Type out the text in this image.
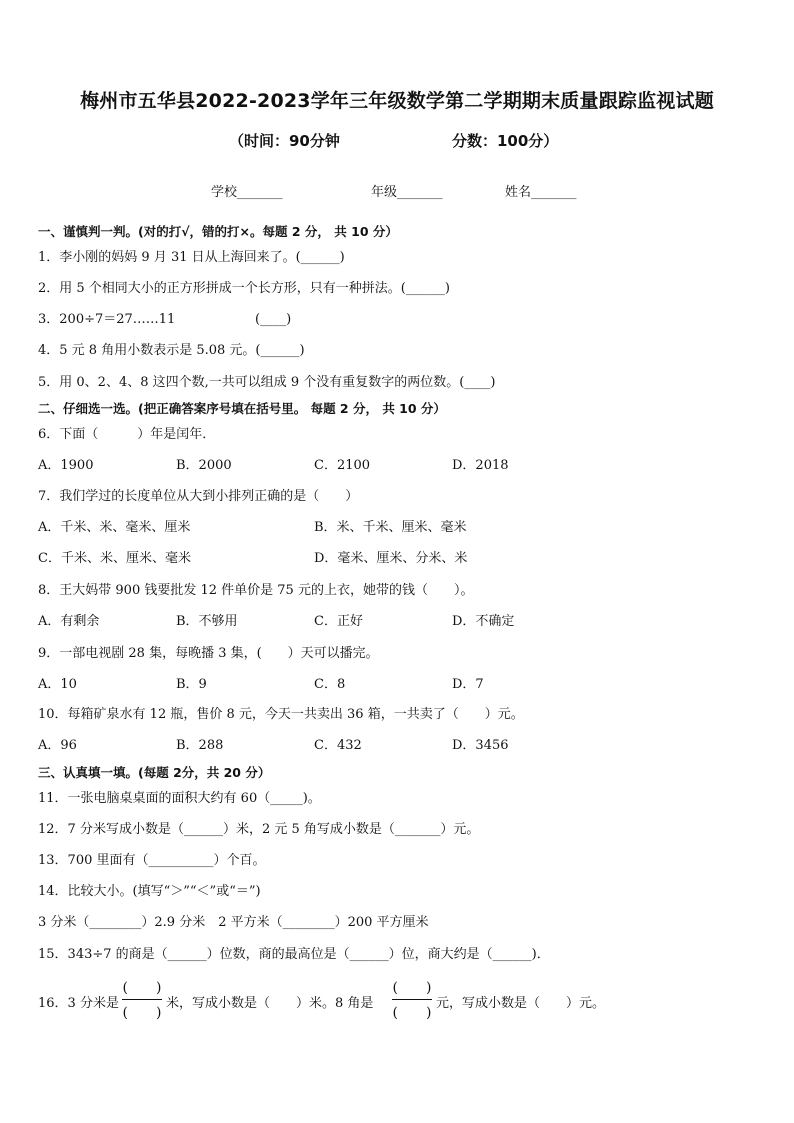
梅州市五华县2022-2023学年三年级数学第二学期期末质量跟踪监视试题
（时间：90分钟	分数：100分）
学校_______	年级_______	姓名_______
一、谨慎判一判。(对的打√，错的打×。每题 2 分， 共 10 分）
1．李小刚的妈妈 9 月 31 日从上海回来了。(______)
2．用 5 个相同大小的正方形拼成一个长方形，只有一种拼法。(______)
3．200÷7＝27……11	(____)
4．5 元 8 角用小数表示是 5.08 元。(______)
5．用 0、2、4、8 这四个数,一共可以组成 9 个没有重复数字的两位数。(____)
二、仔细选一选。(把正确答案序号填在括号里。 每题 2 分， 共 10 分）
6．下面（　　　）年是闰年．
A．1900	B．2000	C．2100	D．2018
7．我们学过的长度单位从大到小排列正确的是（　　）
A．千米、米、毫米、厘米	B．米、千米、厘米、毫米
C．千米、米、厘米、毫米	D．毫米、厘米、分米、米
8．王大妈带 900 钱要批发 12 件单价是 75 元的上衣，她带的钱（　　）。
A．有剩余	B．不够用	C．正好	D．不确定
9．一部电视剧 28 集，每晚播 3 集，(　　）天可以播完。
A．10	B．9	C．8	D．7
10．每箱矿泉水有 12 瓶，售价 8 元，今天一共卖出 36 箱，一共卖了（　　）元。
A．96	B．288	C．432	D．3456
三、认真填一填。(每题 2分，共 20 分）
11．一张电脑桌桌面的面积大约有 60（_____)。
12．7 分米写成小数是（______）米，2 元 5 角写成小数是（_______）元。
13．700 里面有（__________）个百。
14．比较大小。(填写“＞”“＜”或“＝”)
3 分米（________）2.9 分米　2 平方米（________）200 平方厘米
15．343÷7 的商是（______）位数，商的最高位是（______）位，商大约是（______)．
16．3 分米是
(　　)
(　　)
米，写成小数是（　　）米。8 角是
(　　)
(　　)
元，写成小数是（　　）元。
